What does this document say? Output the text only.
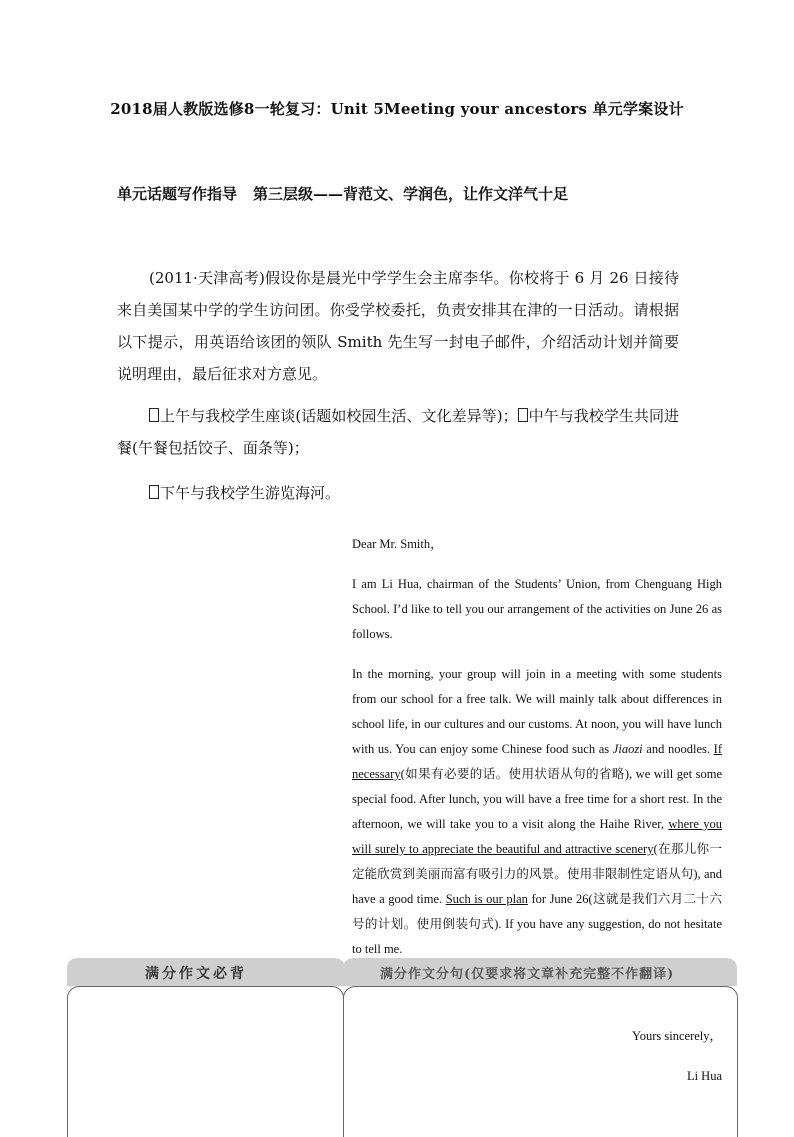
2018届人教版选修8一轮复习：Unit 5Meeting your ancestors 单元学案设计
单元话题写作指导 第三层级——背范文、学润色，让作文洋气十足
(2011·天津高考)假设你是晨光中学学生会主席李华。你校将于 6 月 26 日接待来自美国某中学的学生访问团。你受学校委托，负责安排其在津的一日活动。请根据以下提示，用英语给该团的领队 Smith 先生写一封电子邮件，介绍活动计划并简要说明理由，最后征求对方意见。
上午与我校学生座谈(话题如校园生活、文化差异等)； 中午与我校学生共同进餐(午餐包括饺子、面条等)；
下午与我校学生游览海河。
Dear Mr. Smith，
I am Li Hua, chairman of the Students’ Union, from Chenguang High School. I’d like to tell you our arrangement of the activities on June 26 as follows.
In the morning, your group will join in a meeting with some students from our school for a free talk. We will mainly talk about differences in school life, in our cultures and our customs. At noon, you will have lunch with us. You can enjoy some Chinese food such as Jiaozi and noodles. If necessary(如果有必要的话。使用状语从句的省略), we will get some special food. After lunch, you will have a free time for a short rest. In the afternoon, we will take you to a visit along the Haihe River, where you will surely to appreciate the beautiful and attractive scenery(在那儿你一定能欣赏到美丽而富有吸引力的风景。使用非限制性定语从句), and have a good time. Such is our plan for June 26(这就是我们六月二十六号的计划。使用倒装句式). If you have any suggestion, do not hesitate to tell me.
满分作文必背	满分作文分句(仅要求将文章补充完整不作翻译)
Yours sincerely，
Li Hua
